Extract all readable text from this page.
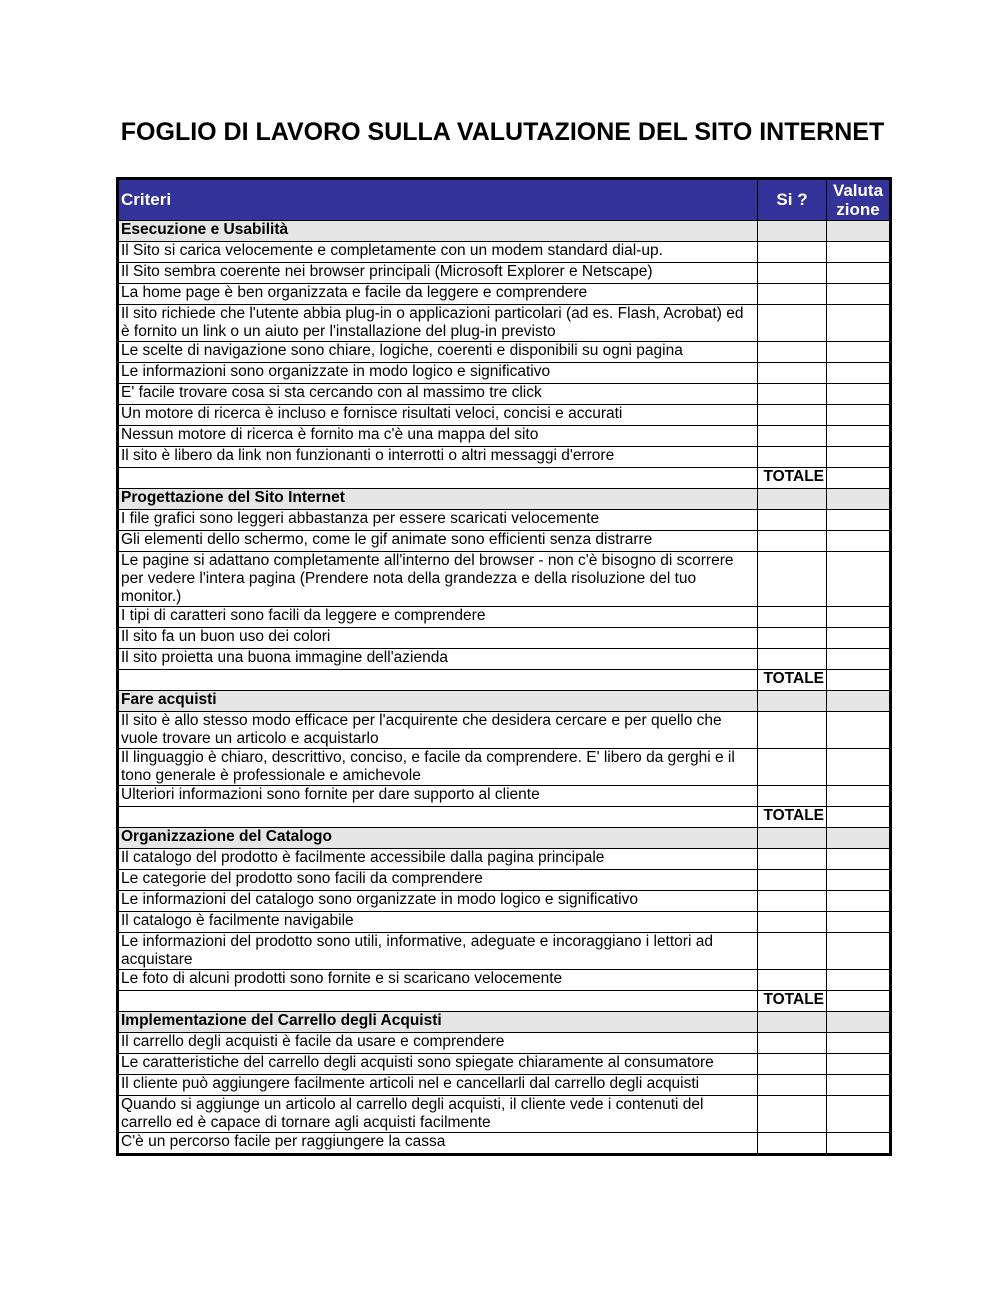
FOGLIO DI LAVORO SULLA VALUTAZIONE DEL SITO INTERNET
Criteri	Si ?	Valuta zione
Esecuzione e Usabilità		
Il Sito si carica velocemente e completamente con un modem standard dial-up.		
Il Sito sembra coerente nei browser principali (Microsoft Explorer e Netscape)		
La home page è ben organizzata e facile da leggere e comprendere		
Il sito richiede che l'utente abbia plug-in o applicazioni particolari (ad es. Flash, Acrobat) ed è fornito un link o un aiuto per l'installazione del plug-in previsto		
Le scelte di navigazione sono chiare, logiche, coerenti e disponibili su ogni pagina		
Le informazioni sono organizzate in modo logico e significativo		
E' facile trovare cosa si sta cercando con al massimo tre click		
Un motore di ricerca è incluso e fornisce risultati veloci, concisi e accurati		
Nessun motore di ricerca è fornito ma c'è una mappa del sito		
Il sito è libero da link non funzionanti o interrotti o altri messaggi d'errore		
	TOTALE	
Progettazione del Sito Internet		
I file grafici sono leggeri abbastanza per essere scaricati velocemente		
Gli elementi dello schermo, come le gif animate sono efficienti senza distrarre		
Le pagine si adattano completamente all'interno del browser - non c'è bisogno di scorrere per vedere l'intera pagina (Prendere nota della grandezza e della risoluzione del tuo monitor.)		
I tipi di caratteri sono facili da leggere e comprendere		
Il sito fa un buon uso dei colori		
Il sito proietta una buona immagine dell'azienda		
	TOTALE	
Fare acquisti		
Il sito è allo stesso modo efficace per l'acquirente che desidera cercare e per quello che vuole trovare un articolo e acquistarlo		
Il linguaggio è chiaro, descrittivo, conciso, e facile da comprendere. E' libero da gerghi e il tono generale è professionale e amichevole		
Ulteriori informazioni sono fornite per dare supporto al cliente		
	TOTALE	
Organizzazione del Catalogo		
Il catalogo del prodotto è facilmente accessibile dalla pagina principale		
Le categorie del prodotto sono facili da comprendere		
Le informazioni del catalogo sono organizzate in modo logico e significativo		
Il catalogo è facilmente navigabile		
Le informazioni del prodotto sono utili, informative, adeguate e incoraggiano i lettori ad acquistare		
Le foto di alcuni prodotti sono fornite e si scaricano velocemente		
	TOTALE	
Implementazione del Carrello degli Acquisti		
Il carrello degli acquisti è facile da usare e comprendere		
Le caratteristiche del carrello degli acquisti sono spiegate chiaramente al consumatore		
Il cliente può aggiungere facilmente articoli nel e cancellarli dal carrello degli acquisti		
Quando si aggiunge un articolo al carrello degli acquisti, il cliente vede i contenuti del carrello ed è capace di tornare agli acquisti facilmente		
C'è un percorso facile per raggiungere la cassa		
